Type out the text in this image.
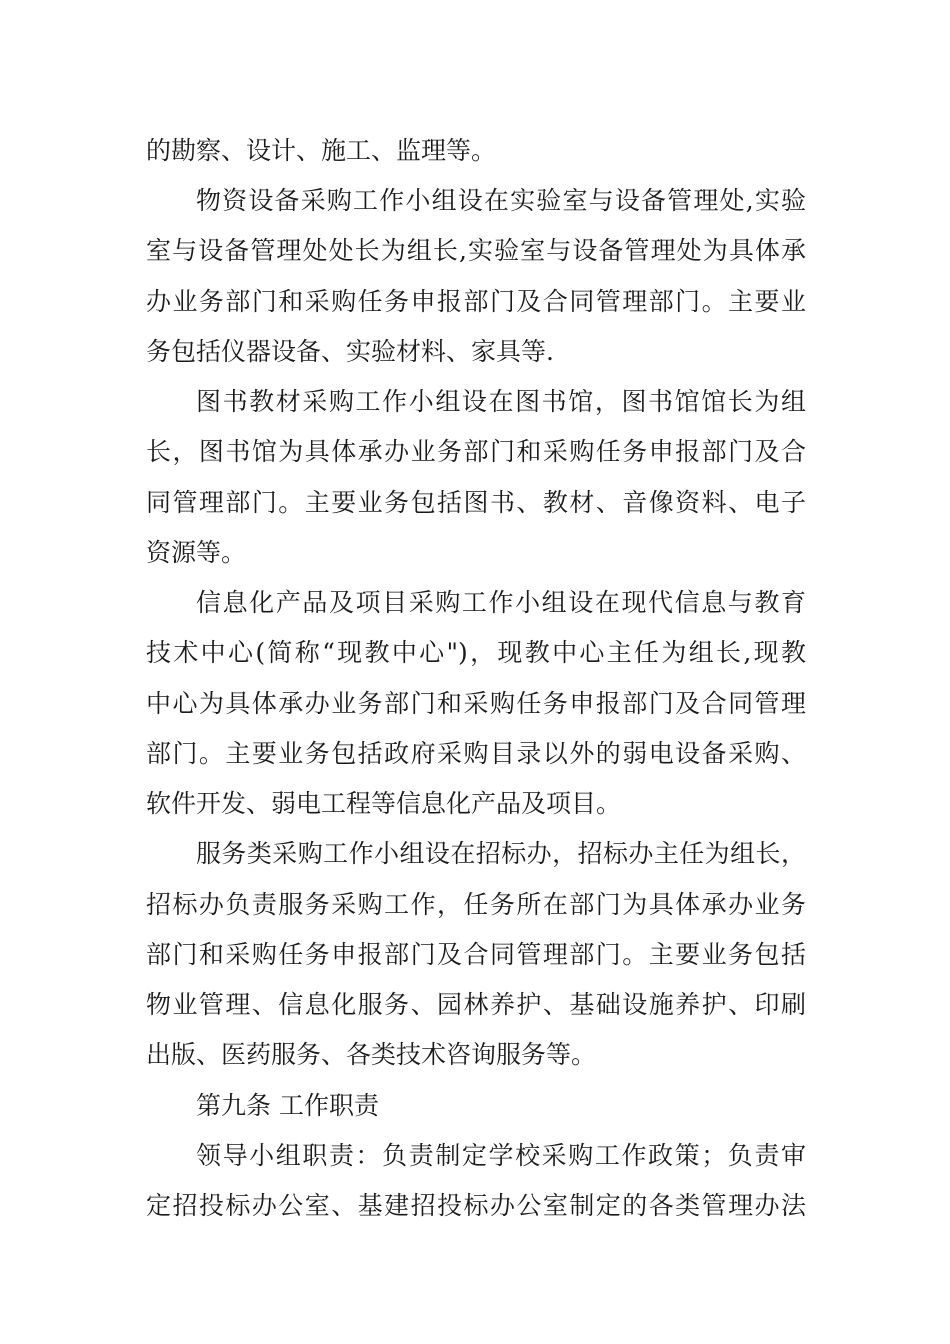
的勘察、设计、施工、监理等。
物资设备采购工作小组设在实验室与设备管理处,实验
室与设备管理处处长为组长,实验室与设备管理处为具体承
办业务部门和采购任务申报部门及合同管理部门。主要业
务包括仪器设备、实验材料、家具等.
图书教材采购工作小组设在图书馆，图书馆馆长为组
长，图书馆为具体承办业务部门和采购任务申报部门及合
同管理部门。主要业务包括图书、教材、音像资料、电子
资源等。
信息化产品及项目采购工作小组设在现代信息与教育
技术中心(简称“现教中心")，现教中心主任为组长,现教
中心为具体承办业务部门和采购任务申报部门及合同管理
部门。主要业务包括政府采购目录以外的弱电设备采购、
软件开发、弱电工程等信息化产品及项目。
服务类采购工作小组设在招标办，招标办主任为组长，
招标办负责服务采购工作，任务所在部门为具体承办业务
部门和采购任务申报部门及合同管理部门。主要业务包括
物业管理、信息化服务、园林养护、基础设施养护、印刷
出版、医药服务、各类技术咨询服务等。
第九条 工作职责
领导小组职责：负责制定学校采购工作政策；负责审
定招投标办公室、基建招投标办公室制定的各类管理办法
